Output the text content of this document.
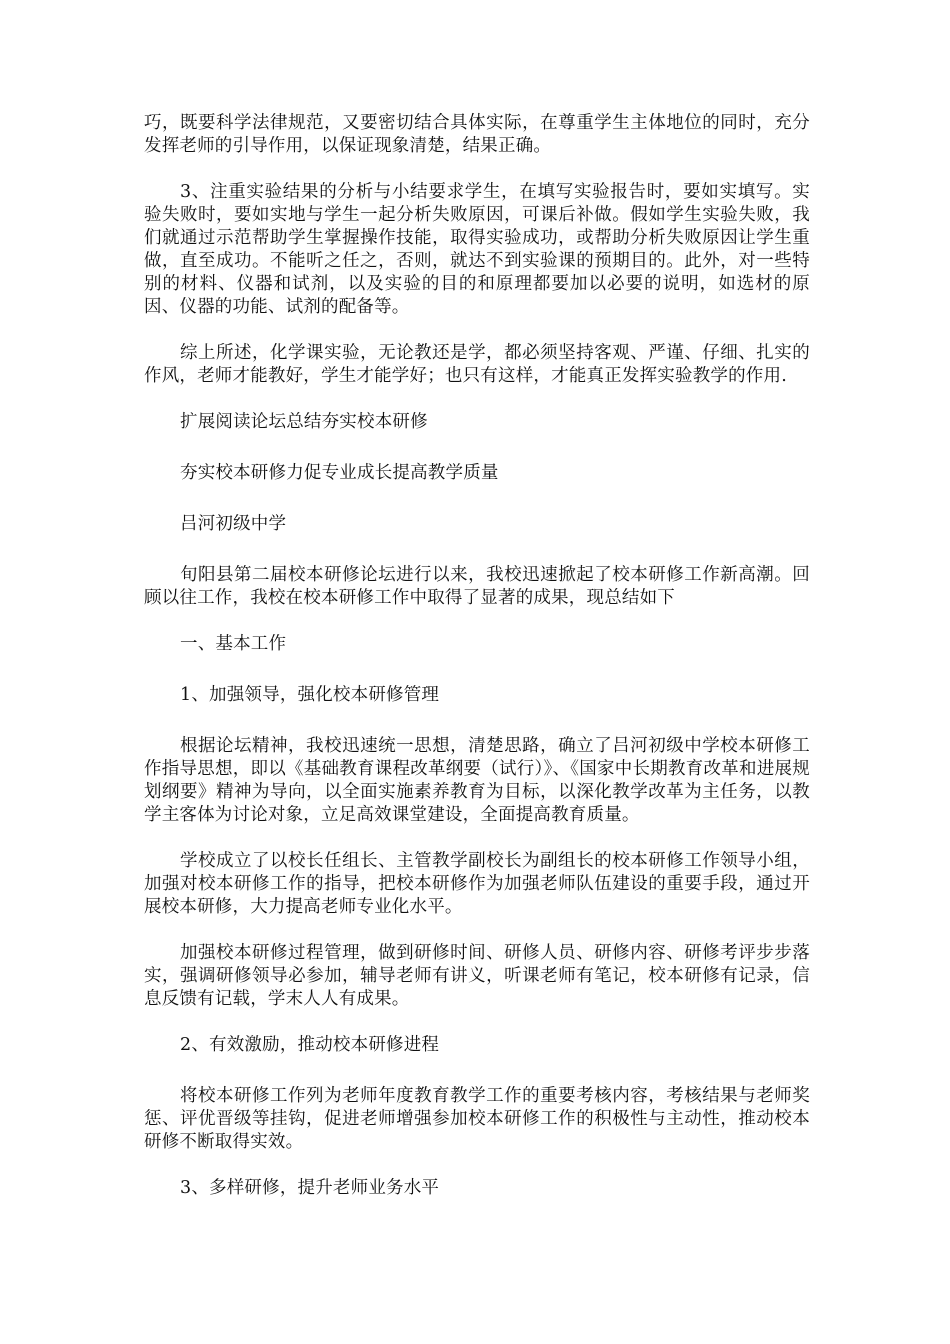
巧，既要科学法律规范，又要密切结合具体实际，在尊重学生主体地位的同时，充分发挥老师的引导作用，以保证现象清楚，结果正确。

3、注重实验结果的分析与小结要求学生，在填写实验报告时，要如实填写。实验失败时，要如实地与学生一起分析失败原因，可课后补做。假如学生实验失败，我们就通过示范帮助学生掌握操作技能，取得实验成功，或帮助分析失败原因让学生重做，直至成功。不能听之任之，否则，就达不到实验课的预期目的。此外，对一些特别的材料、仪器和试剂，以及实验的目的和原理都要加以必要的说明，如选材的原因、仪器的功能、试剂的配备等。

综上所述，化学课实验，无论教还是学，都必须坚持客观、严谨、仔细、扎实的作风，老师才能教好，学生才能学好；也只有这样，才能真正发挥实验教学的作用.

扩展阅读论坛总结夯实校本研修

夯实校本研修力促专业成长提高教学质量

吕河初级中学

旬阳县第二届校本研修论坛进行以来，我校迅速掀起了校本研修工作新高潮。回顾以往工作，我校在校本研修工作中取得了显著的成果，现总结如下

一、基本工作

1、加强领导，强化校本研修管理

根据论坛精神，我校迅速统一思想，清楚思路，确立了吕河初级中学校本研修工作指导思想，即以《基础教育课程改革纲要（试行）》、《国家中长期教育改革和进展规划纲要》精神为导向，以全面实施素养教育为目标，以深化教学改革为主任务，以教学主客体为讨论对象，立足高效课堂建设，全面提高教育质量。

学校成立了以校长任组长、主管教学副校长为副组长的校本研修工作领导小组，加强对校本研修工作的指导，把校本研修作为加强老师队伍建设的重要手段，通过开展校本研修，大力提高老师专业化水平。

加强校本研修过程管理，做到研修时间、研修人员、研修内容、研修考评步步落实，强调研修领导必参加，辅导老师有讲义，听课老师有笔记，校本研修有记录，信息反馈有记载，学末人人有成果。

2、有效激励，推动校本研修进程

将校本研修工作列为老师年度教育教学工作的重要考核内容，考核结果与老师奖惩、评优晋级等挂钩，促进老师增强参加校本研修工作的积极性与主动性，推动校本研修不断取得实效。

3、多样研修，提升老师业务水平
